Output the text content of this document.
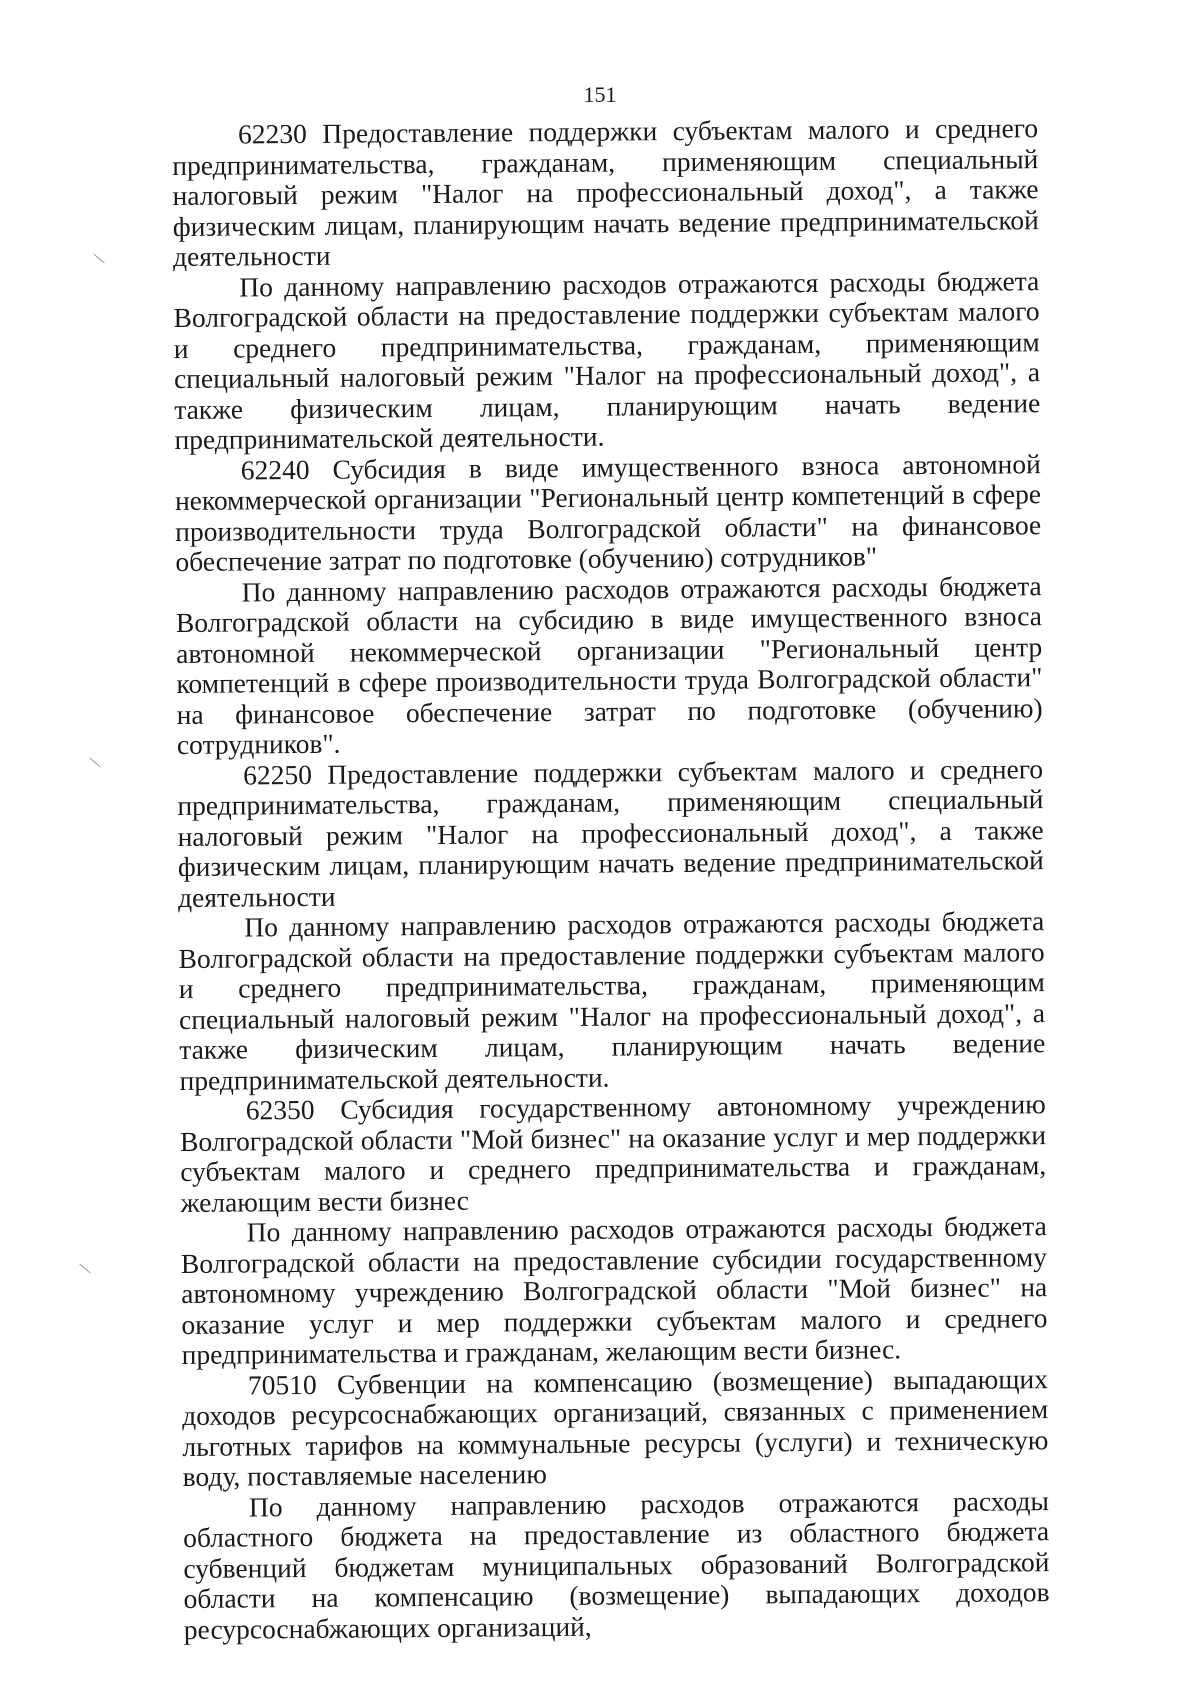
151

62230 Предоставление поддержки субъектам малого и среднего предпринимательства, гражданам, применяющим специальный налоговый режим "Налог на профессиональный доход", а также физическим лицам, планирующим начать ведение предпринимательской деятельности

По данному направлению расходов отражаются расходы бюджета Волгоградской области на предоставление поддержки субъектам малого и среднего предпринимательства, гражданам, применяющим специальный налоговый режим "Налог на профессиональный доход", а также физическим лицам, планирующим начать ведение предпринимательской деятельности.

62240 Субсидия в виде имущественного взноса автономной некоммерческой организации "Региональный центр компетенций в сфере производительности труда Волгоградской области" на финансовое обеспечение затрат по подготовке (обучению) сотрудников"

По данному направлению расходов отражаются расходы бюджета Волгоградской области на субсидию в виде имущественного взноса автономной некоммерческой организации "Региональный центр компетенций в сфере производительности труда Волгоградской области" на финансовое обеспечение затрат по подготовке (обучению) сотрудников".

62250 Предоставление поддержки субъектам малого и среднего предпринимательства, гражданам, применяющим специальный налоговый режим "Налог на профессиональный доход", а также физическим лицам, планирующим начать ведение предпринимательской деятельности

По данному направлению расходов отражаются расходы бюджета Волгоградской области на предоставление поддержки субъектам малого и среднего предпринимательства, гражданам, применяющим специальный налоговый режим "Налог на профессиональный доход", а также физическим лицам, планирующим начать ведение предпринимательской деятельности.

62350 Субсидия государственному автономному учреждению Волгоградской области "Мой бизнес" на оказание услуг и мер поддержки субъектам малого и среднего предпринимательства и гражданам, желающим вести бизнес

По данному направлению расходов отражаются расходы бюджета Волгоградской области на предоставление субсидии государственному автономному учреждению Волгоградской области "Мой бизнес" на оказание услуг и мер поддержки субъектам малого и среднего предпринимательства и гражданам, желающим вести бизнес.

70510 Субвенции на компенсацию (возмещение) выпадающих доходов ресурсоснабжающих организаций, связанных с применением льготных тарифов на коммунальные ресурсы (услуги) и техническую воду, поставляемые населению

По данному направлению расходов отражаются расходы областного бюджета на предоставление из областного бюджета субвенций бюджетам муниципальных образований Волгоградской области на компенсацию (возмещение) выпадающих доходов ресурсоснабжающих организаций,
